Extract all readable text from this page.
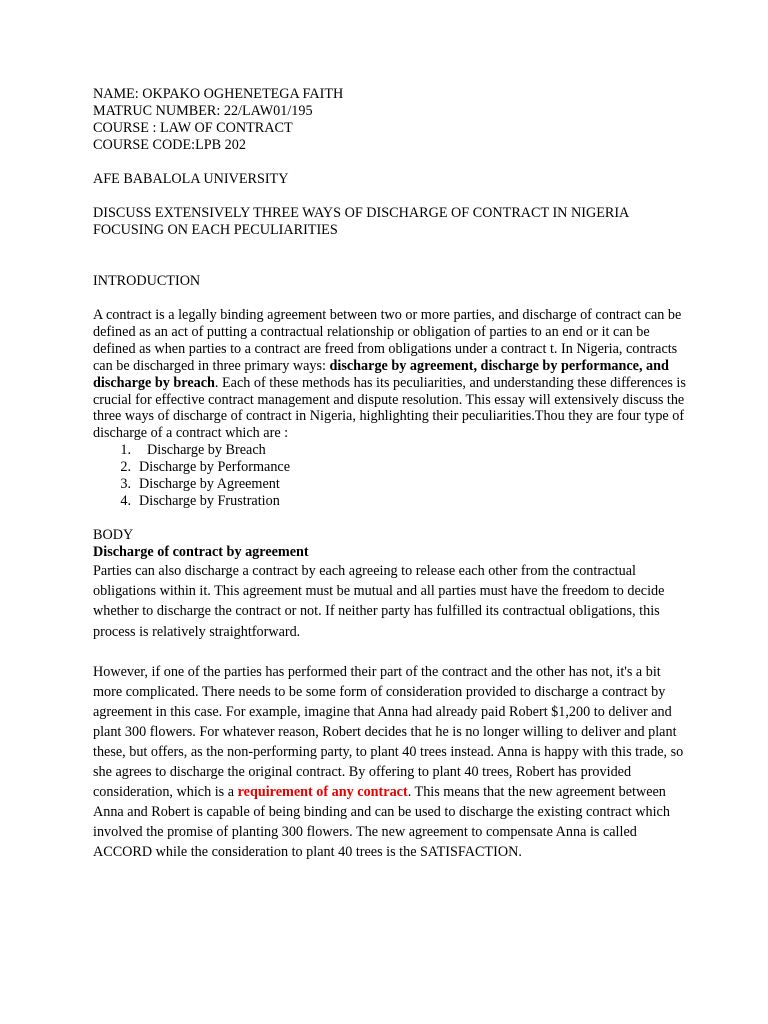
NAME: OKPAKO OGHENETEGA FAITH
MATRUC NUMBER: 22/LAW01/195
COURSE : LAW OF CONTRACT
COURSE CODE:LPB 202
AFE BABALOLA UNIVERSITY
DISCUSS EXTENSIVELY THREE WAYS OF DISCHARGE OF CONTRACT IN NIGERIA FOCUSING ON EACH PECULIARITIES
INTRODUCTION
A contract is a legally binding agreement between two or more parties, and discharge of contract can be defined as an act of putting a contractual relationship or obligation of parties to an end or it can be defined as when parties to a contract are freed from obligations under a contract t. In Nigeria, contracts can be discharged in three primary ways: discharge by agreement, discharge by performance, and discharge by breach. Each of these methods has its peculiarities, and understanding these differences is crucial for effective contract management and dispute resolution. This essay will extensively discuss the three ways of discharge of contract in Nigeria, highlighting their peculiarities.Thou they are four type of discharge of a contract which are :
1.	Discharge by Breach
2. Discharge by Performance
3. Discharge by Agreement
4. Discharge by Frustration
BODY
Discharge of contract by agreement
Parties can also discharge a contract by each agreeing to release each other from the contractual obligations within it. This agreement must be mutual and all parties must have the freedom to decide whether to discharge the contract or not. If neither party has fulfilled its contractual obligations, this process is relatively straightforward.
However, if one of the parties has performed their part of the contract and the other has not, it's a bit more complicated. There needs to be some form of consideration provided to discharge a contract by agreement in this case. For example, imagine that Anna had already paid Robert $1,200 to deliver and plant 300 flowers. For whatever reason, Robert decides that he is no longer willing to deliver and plant these, but offers, as the non-performing party, to plant 40 trees instead. Anna is happy with this trade, so she agrees to discharge the original contract. By offering to plant 40 trees, Robert has provided consideration, which is a requirement of any contract. This means that the new agreement between Anna and Robert is capable of being binding and can be used to discharge the existing contract which involved the promise of planting 300 flowers. The new agreement to compensate Anna is called ACCORD while the consideration to plant 40 trees is the SATISFACTION.
